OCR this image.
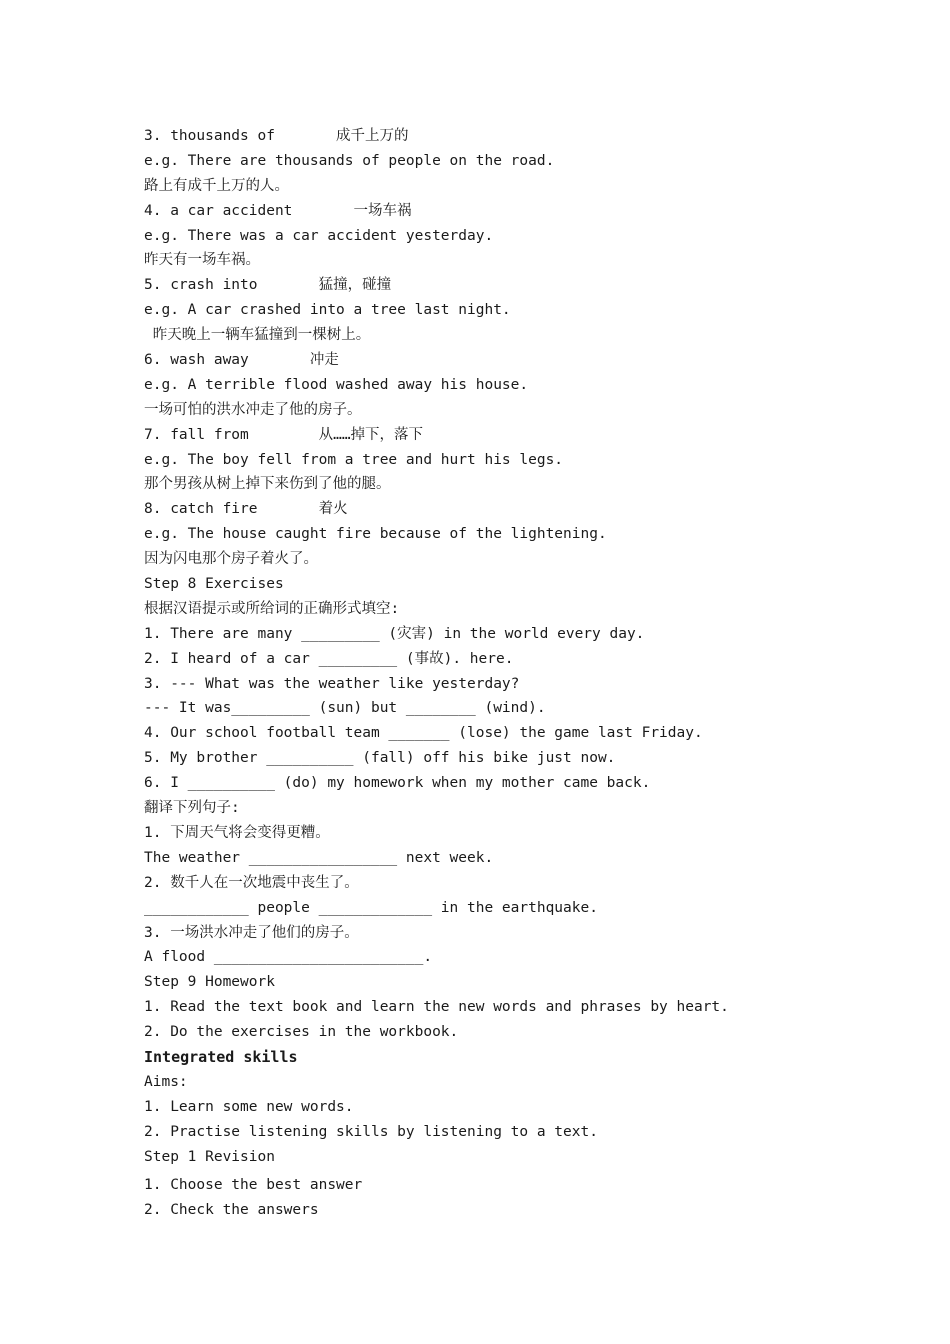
3. thousands of       成千上万的
e.g. There are thousands of people on the road.
路上有成千上万的人。
4. a car accident       一场车祸
e.g. There was a car accident yesterday.
昨天有一场车祸。
5. crash into       猛撞，碰撞
e.g. A car crashed into a tree last night.
昨天晚上一辆车猛撞到一棵树上。
6. wash away       冲走
e.g. A terrible flood washed away his house.
一场可怕的洪水冲走了他的房子。
7. fall from        从……掉下，落下
e.g. The boy fell from a tree and hurt his legs.
那个男孩从树上掉下来伤到了他的腿。
8. catch fire       着火
e.g. The house caught fire because of the lightening.
因为闪电那个房子着火了。
Step 8 Exercises
根据汉语提示或所给词的正确形式填空:
1. There are many _________ (灾害) in the world every day.
2. I heard of a car _________ (事故). here.
3. --- What was the weather like yesterday?
--- It was_________ (sun) but ________ (wind).
4. Our school football team _______ (lose) the game last Friday.
5. My brother __________ (fall) off his bike just now.
6. I __________ (do) my homework when my mother came back.
翻译下列句子:
1. 下周天气将会变得更糟。
The weather _________________ next week.
2. 数千人在一次地震中丧生了。
____________ people _____________ in the earthquake.
3. 一场洪水冲走了他们的房子。
A flood ________________________.
Step 9 Homework
1. Read the text book and learn the new words and phrases by heart.
2. Do the exercises in the workbook.
Integrated skills
Aims:
1. Learn some new words.
2. Practise listening skills by listening to a text.
Step 1 Revision
1. Choose the best answer
2. Check the answers
